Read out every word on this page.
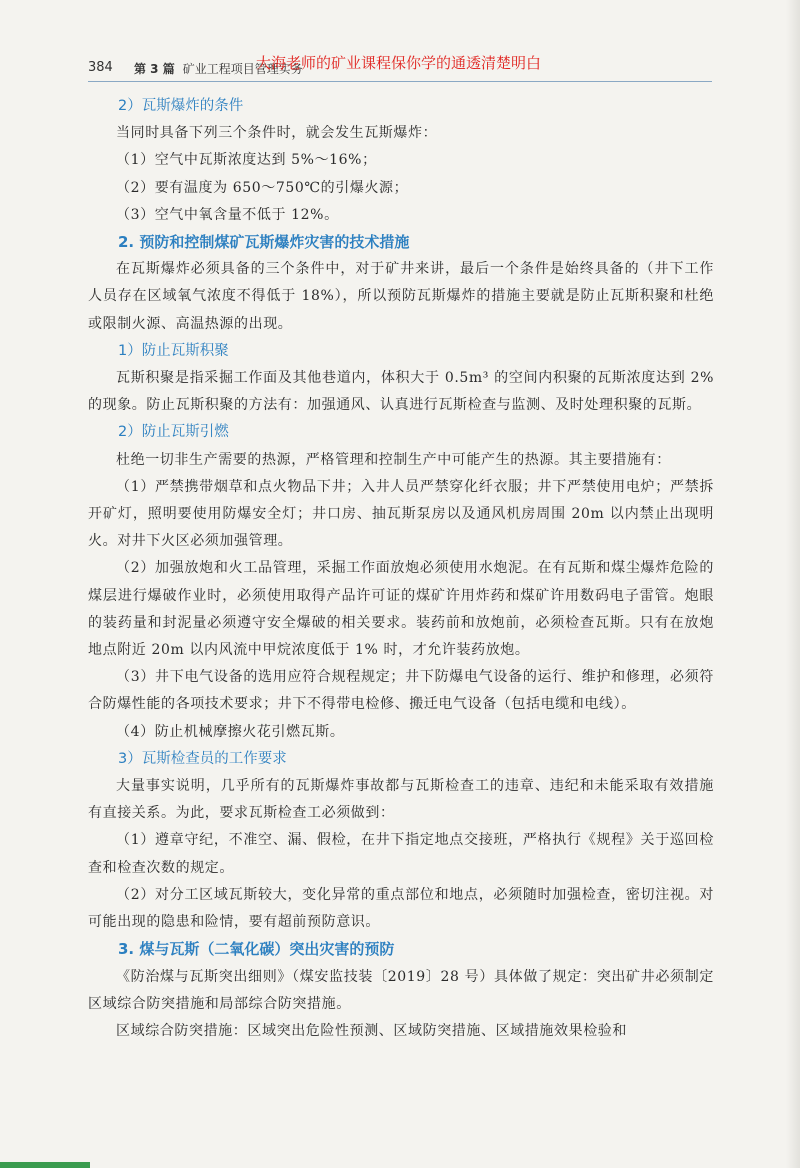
384 第 3 篇 矿业工程项目管理实务
大海老师的矿业课程保你学的通透清楚明白

2）瓦斯爆炸的条件

当同时具备下列三个条件时，就会发生瓦斯爆炸：

（1）空气中瓦斯浓度达到 5%～16%；

（2）要有温度为 650～750℃的引爆火源；

（3）空气中氧含量不低于 12%。

2. 预防和控制煤矿瓦斯爆炸灾害的技术措施

在瓦斯爆炸必须具备的三个条件中，对于矿井来讲，最后一个条件是始终具备的（井下工作人员存在区域氧气浓度不得低于 18%），所以预防瓦斯爆炸的措施主要就是防止瓦斯积聚和杜绝或限制火源、高温热源的出现。

1）防止瓦斯积聚

瓦斯积聚是指采掘工作面及其他巷道内，体积大于 0.5m³ 的空间内积聚的瓦斯浓度达到 2% 的现象。防止瓦斯积聚的方法有：加强通风、认真进行瓦斯检查与监测、及时处理积聚的瓦斯。

2）防止瓦斯引燃

杜绝一切非生产需要的热源，严格管理和控制生产中可能产生的热源。其主要措施有：

（1）严禁携带烟草和点火物品下井；入井人员严禁穿化纤衣服；井下严禁使用电炉；严禁拆开矿灯，照明要使用防爆安全灯；井口房、抽瓦斯泵房以及通风机房周围 20m 以内禁止出现明火。对井下火区必须加强管理。

（2）加强放炮和火工品管理，采掘工作面放炮必须使用水炮泥。在有瓦斯和煤尘爆炸危险的煤层进行爆破作业时，必须使用取得产品许可证的煤矿许用炸药和煤矿许用数码电子雷管。炮眼的装药量和封泥量必须遵守安全爆破的相关要求。装药前和放炮前，必须检查瓦斯。只有在放炮地点附近 20m 以内风流中甲烷浓度低于 1% 时，才允许装药放炮。

（3）井下电气设备的选用应符合规程规定；井下防爆电气设备的运行、维护和修理，必须符合防爆性能的各项技术要求；井下不得带电检修、搬迁电气设备（包括电缆和电线）。

（4）防止机械摩擦火花引燃瓦斯。

3）瓦斯检查员的工作要求

大量事实说明，几乎所有的瓦斯爆炸事故都与瓦斯检查工的违章、违纪和未能采取有效措施有直接关系。为此，要求瓦斯检查工必须做到：

（1）遵章守纪，不准空、漏、假检，在井下指定地点交接班，严格执行《规程》关于巡回检查和检查次数的规定。

（2）对分工区域瓦斯较大，变化异常的重点部位和地点，必须随时加强检查，密切注视。对可能出现的隐患和险情，要有超前预防意识。

3. 煤与瓦斯（二氧化碳）突出灾害的预防

《防治煤与瓦斯突出细则》（煤安监技装〔2019〕28 号）具体做了规定：突出矿井必须制定区域综合防突措施和局部综合防突措施。

区域综合防突措施：区域突出危险性预测、区域防突措施、区域措施效果检验和
